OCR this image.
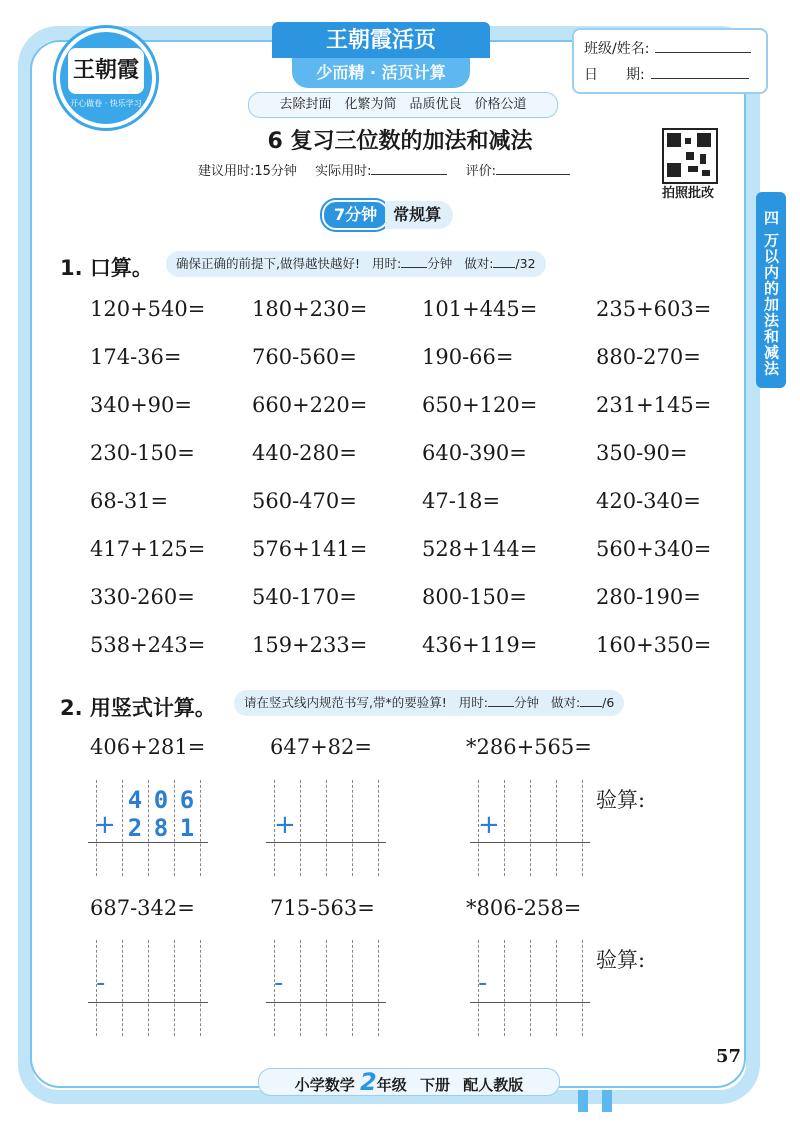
王朝霞
开心做卷 · 快乐学习
王朝霞活页
少而精 · 活页计算
班级/姓名:
日　　期:
去除封面　化繁为简　品质优良　价格公道
6 复习三位数的加法和减法
建议用时:15分钟 实际用时:	评价:
拍照批改
7分钟 常规算	四 万以内的加法和减法
1. 口算。	确保正确的前提下,做得越快越好! 用时: 分钟 做对: /32
120+540= 180+230=	101+445=	235+603=
174-36=	760-560=	190-66=	880-270=
340+90=	660+220=	650+120=	231+145=
230-150=	440-280=	640-390=	350-90=
68-31=	560-470=	47-18=	420-340=
417+125= 576+141=	528+144=	560+340=
330-260=	540-170=	800-150=	280-190=
538+243= 159+233=	436+119=	160+350=
2. 用竖式计算。	请在竖式线内规范书写,带*的要验算! 用时: 分钟 做对: /6
406+281=	647+82=	*286+565=
4 0 6
+ 2 8 1	+	+
验算:
687-342=	715-563=	*806-258=
-	-	-
验算:
57
小学数学 2年级 下册 配人教版
